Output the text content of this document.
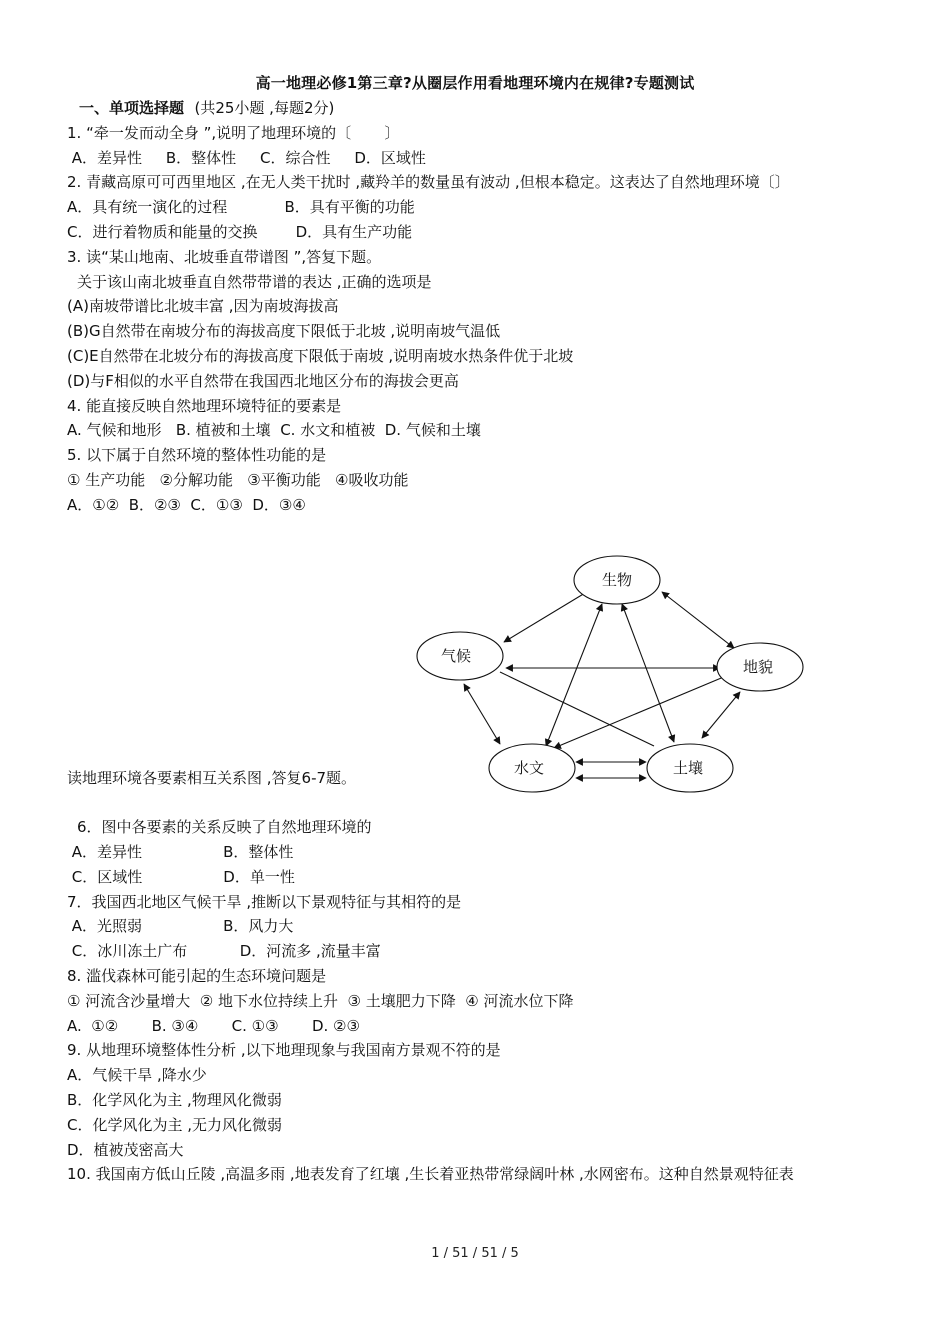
高一地理必修1第三章?从圈层作用看地理环境内在规律?专题测试
一、单项选择题 (共25小题 ,每题2分)
1. “牵一发而动全身 ”,说明了地理环境的〔       〕
A．差异性     B．整体性     C．综合性     D．区域性
2. 青藏高原可可西里地区 ,在无人类干扰时 ,藏羚羊的数量虽有波动 ,但根本稳定。这表达了自然地理环境〔〕
A．具有统一演化的过程            B．具有平衡的功能
C．进行着物质和能量的交换        D．具有生产功能
3. 读“某山地南、北坡垂直带谱图 ”,答复下题。
关于该山南北坡垂直自然带带谱的表达 ,正确的选项是
(A)南坡带谱比北坡丰富 ,因为南坡海拔高
(B)G自然带在南坡分布的海拔高度下限低于北坡 ,说明南坡气温低
(C)E自然带在北坡分布的海拔高度下限低于南坡 ,说明南坡水热条件优于北坡
(D)与F相似的水平自然带在我国西北地区分布的海拔会更高
4. 能直接反映自然地理环境特征的要素是
A. 气候和地形   B. 植被和土壤  C. 水文和植被  D. 气候和土壤
5. 以下属于自然环境的整体性功能的是
① 生产功能   ②分解功能   ③平衡功能   ④吸收功能
A．①②  B．②③  C．①③  D．③④
读地理环境各要素相互关系图 ,答复6-7题。
6．图中各要素的关系反映了自然地理环境的
A．差异性                 B．整体性
C．区域性                 D．单一性
7．我国西北地区气候干旱 ,推断以下景观特征与其相符的是
A．光照弱                 B．风力大
C．冰川冻土广布           D．河流多 ,流量丰富
8. 滥伐森林可能引起的生态环境问题是
① 河流含沙量增大  ② 地下水位持续上升  ③ 土壤肥力下降  ④ 河流水位下降
A.  ①②       B. ③④       C. ①③       D. ②③
9. 从地理环境整体性分析 ,以下地理现象与我国南方景观不符的是
A．气候干旱 ,降水少
B．化学风化为主 ,物理风化微弱
C．化学风化为主 ,无力风化微弱
D．植被茂密高大
10. 我国南方低山丘陵 ,高温多雨 ,地表发育了红壤 ,生长着亚热带常绿阔叶林 ,水网密布。这种自然景观特征表
生物
气候
地貌
水文	土壤
1 / 51 / 51 / 5
